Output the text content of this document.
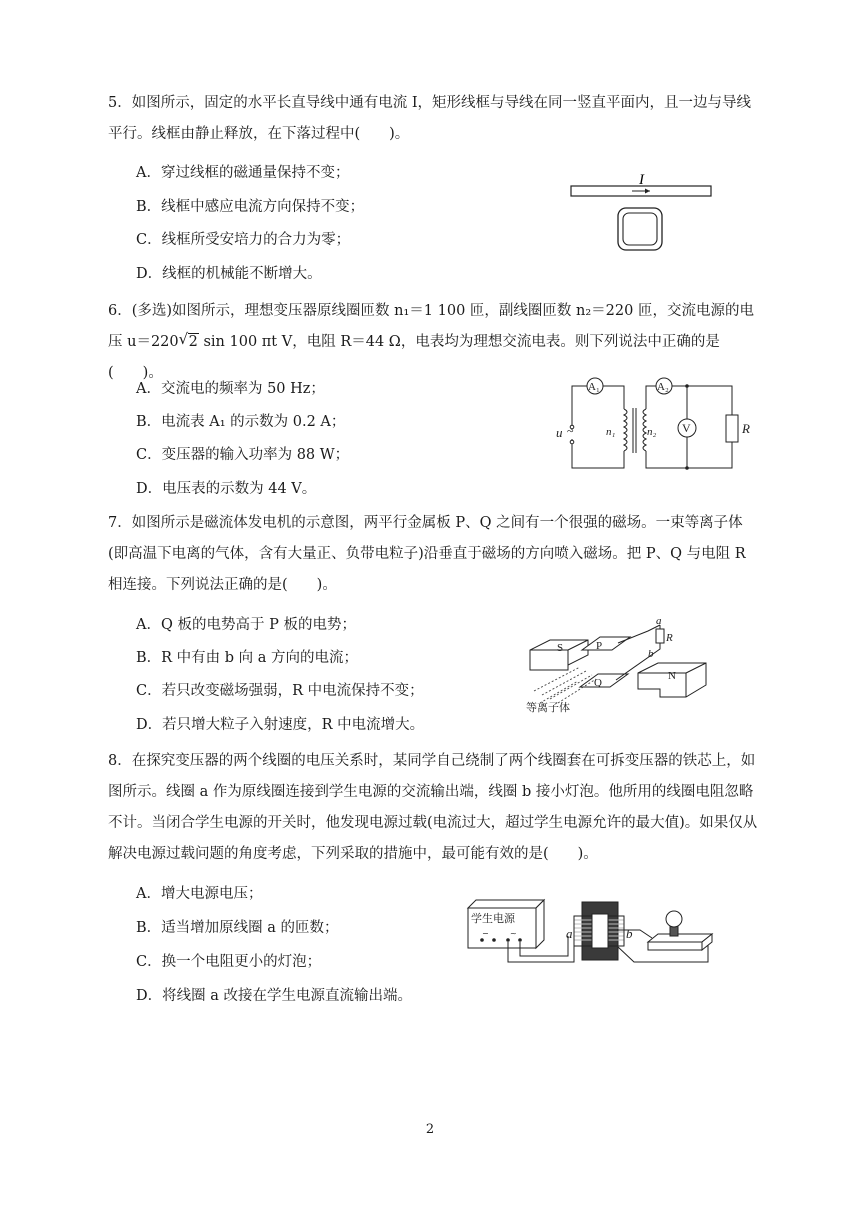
5．如图所示，固定的水平长直导线中通有电流 I，矩形线框与导线在同一竖直平面内，且一边与导线平行。线框由静止释放，在下落过程中(　　)。

A．穿过线框的磁通量保持不变；
B．线框中感应电流方向保持不变；
C．线框所受安培力的合力为零；
D．线框的机械能不断增大。
I

6．(多选)如图所示，理想变压器原线圈匝数 n₁＝1 100 匝，副线圈匝数 n₂＝220 匝，交流电源的电

压 u＝220√ 2 sin 100 πt V，电阻 R＝44 Ω，电表均为理想交流电表。则下列说法中正确的是(　　)。

A．交流电的频率为 50 Hz；
B．电流表 A₁ 的示数为 0.2 A；
C．变压器的输入功率为 88 W；
D．电压表的示数为 44 V。
A₁	A₂
V	R
u ~	n₁	n₂

7．如图所示是磁流体发电机的示意图，两平行金属板 P、Q 之间有一个很强的磁场。一束等离子体(即高温下电离的气体，含有大量正、负带电粒子)沿垂直于磁场的方向喷入磁场。把 P、Q 与电阻 R 相连接。下列说法正确的是(　　)。

A．Q 板的电势高于 P 板的电势；
B．R 中有由 b 向 a 方向的电流；
C．若只改变磁场强弱，R 中电流保持不变；
D．若只增大粒子入射速度，R 中电流增大。
S	P
Q
N
a
b
R
等离子体

8．在探究变压器的两个线圈的电压关系时，某同学自己绕制了两个线圈套在可拆变压器的铁芯上，如图所示。线圈 a 作为原线圈连接到学生电源的交流输出端，线圈 b 接小灯泡。他所用的线圈电阻忽略不计。当闭合学生电源的开关时，他发现电源过载(电流过大，超过学生电源允许的最大值)。如果仅从解决电源过载问题的角度考虑，下列采取的措施中，最可能有效的是(　　)。

A．增大电源电压；
B．适当增加原线圈 a 的匝数；
C．换一个电阻更小的灯泡；
D．将线圈 a 改接在学生电源直流输出端。
学生电源
~
−	a	b
2
